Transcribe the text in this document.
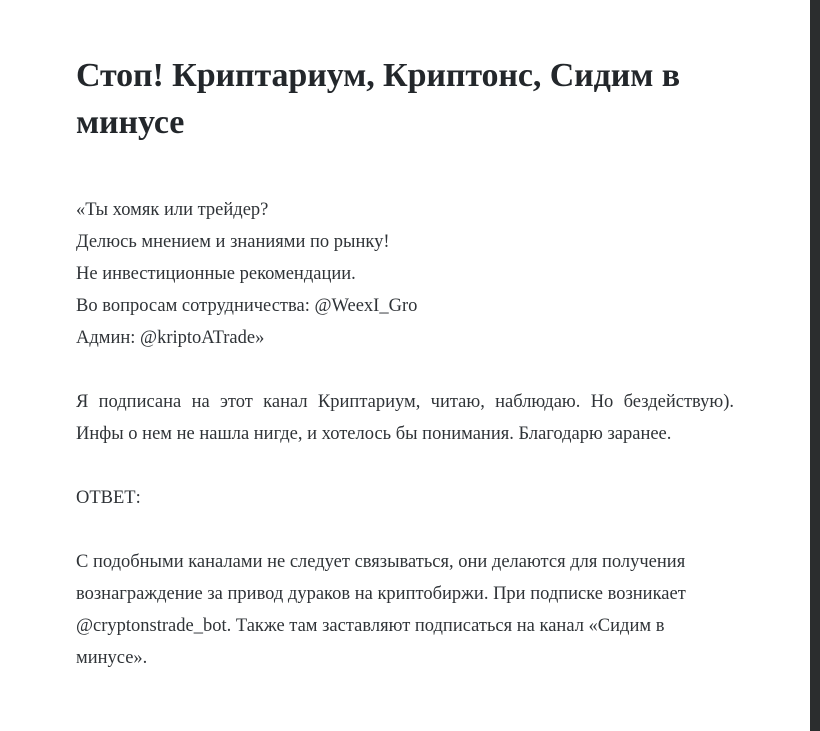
Стоп! Криптариум, Криптонс, Сидим в минусе
«Ты хомяк или трейдер?
Делюсь мнением и знаниями по рынку!
Не инвестиционные рекомендации.
Во вопросам сотрудничества: @WeexI_Gro
Админ: @kriptoATrade»

Я подписана на этот канал Криптариум, читаю, наблюдаю. Но бездействую). Инфы о нем не нашла нигде, и хотелось бы понимания. Благодарю заранее.

ОТВЕТ:

С подобными каналами не следует связываться, они делаются для получения вознаграждение за привод дураков на криптобиржи. При подписке возникает @cryptonstrade_bot. Также там заставляют подписаться на канал «Сидим в минусе».
